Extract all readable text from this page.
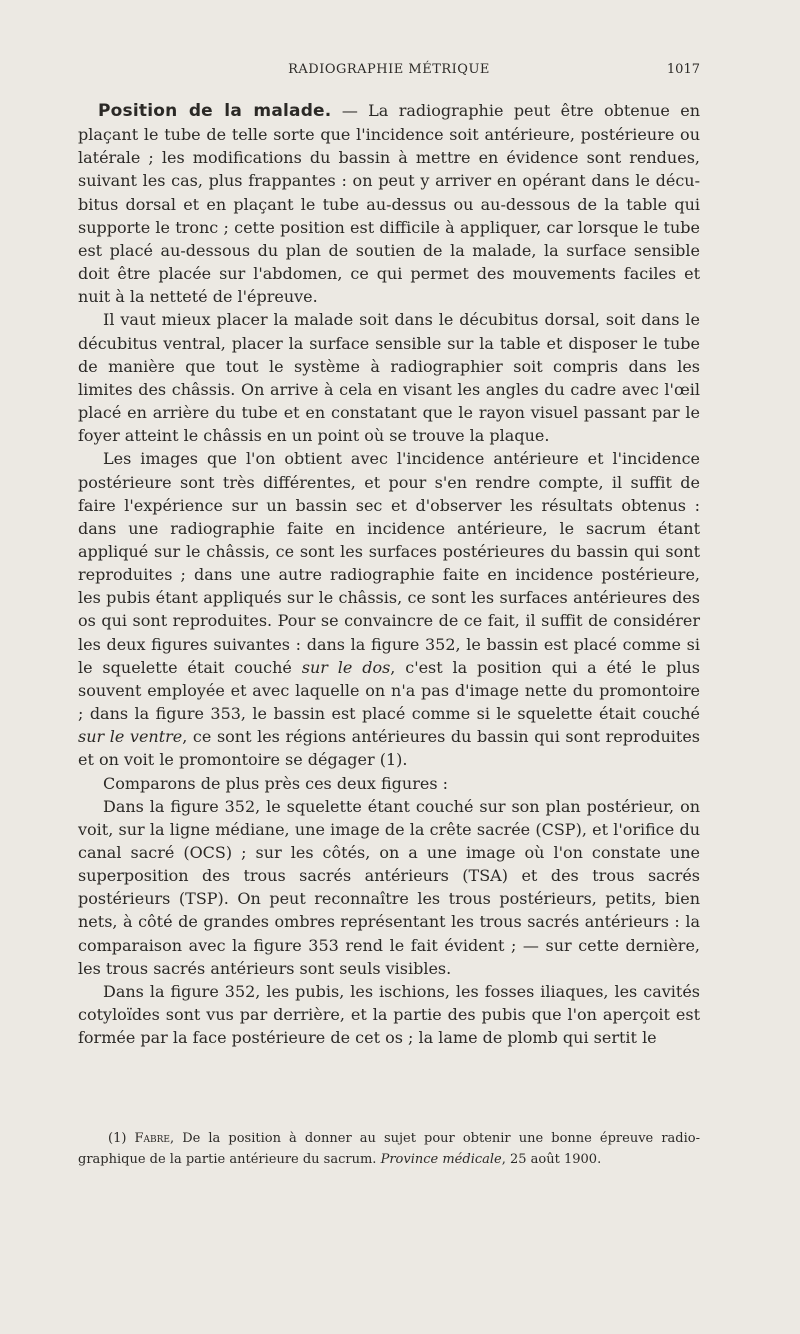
RADIOGRAPHIE MÉTRIQUE	1017

Position de la malade. — La radiographie peut être obtenue en plaçant le tube de telle sorte que l'incidence soit antérieure, postérieure ou latérale ; les modifications du bassin à mettre en évidence sont rendues, suivant les cas, plus frappantes : on peut y arriver en opérant dans le décubitus dorsal et en plaçant le tube au-dessus ou au-dessous de la table qui supporte le tronc ; cette position est difficile à appliquer, car lorsque le tube est placé au-dessous du plan de soutien de la malade, la surface sensible doit être placée sur l'abdomen, ce qui permet des mouvements faciles et nuit à la netteté de l'épreuve.

Il vaut mieux placer la malade soit dans le décubitus dorsal, soit dans le décubitus ventral, placer la surface sensible sur la table et disposer le tube de manière que tout le système à radiographier soit compris dans les limites des châssis. On arrive à cela en visant les angles du cadre avec l'œil placé en arrière du tube et en constatant que le rayon visuel passant par le foyer atteint le châssis en un point où se trouve la plaque.

Les images que l'on obtient avec l'incidence antérieure et l'incidence postérieure sont très différentes, et pour s'en rendre compte, il suffit de faire l'expérience sur un bassin sec et d'observer les résultats obtenus : dans une radiographie faite en incidence antérieure, le sacrum étant appliqué sur le châssis, ce sont les surfaces postérieures du bassin qui sont reproduites ; dans une autre radiographie faite en incidence postérieure, les pubis étant appliqués sur le châssis, ce sont les surfaces antérieures des os qui sont reproduites. Pour se convaincre de ce fait, il suffit de considérer les deux figures suivantes : dans la figure 352, le bassin est placé comme si le squelette était couché sur le dos, c'est la position qui a été le plus souvent employée et avec laquelle on n'a pas d'image nette du promontoire ; dans la figure 353, le bassin est placé comme si le squelette était couché sur le ventre, ce sont les régions antérieures du bassin qui sont reproduites et on voit le promontoire se dégager (1).

Comparons de plus près ces deux figures :

Dans la figure 352, le squelette étant couché sur son plan postérieur, on voit, sur la ligne médiane, une image de la crête sacrée (CSP), et l'orifice du canal sacré (OCS) ; sur les côtés, on a une image où l'on constate une superposition des trous sacrés antérieurs (TSA) et des trous sacrés postérieurs (TSP). On peut reconnaître les trous postérieurs, petits, bien nets, à côté de grandes ombres représentant les trous sacrés antérieurs : la comparaison avec la figure 353 rend le fait évident ; — sur cette dernière, les trous sacrés antérieurs sont seuls visibles.

Dans la figure 352, les pubis, les ischions, les fosses iliaques, les cavités cotyloïdes sont vus par derrière, et la partie des pubis que l'on aperçoit est formée par la face postérieure de cet os ; la lame de plomb qui sertit le

(1) Fabre, De la position à donner au sujet pour obtenir une bonne épreuve radiographique de la partie antérieure du sacrum. Province médicale, 25 août 1900.
